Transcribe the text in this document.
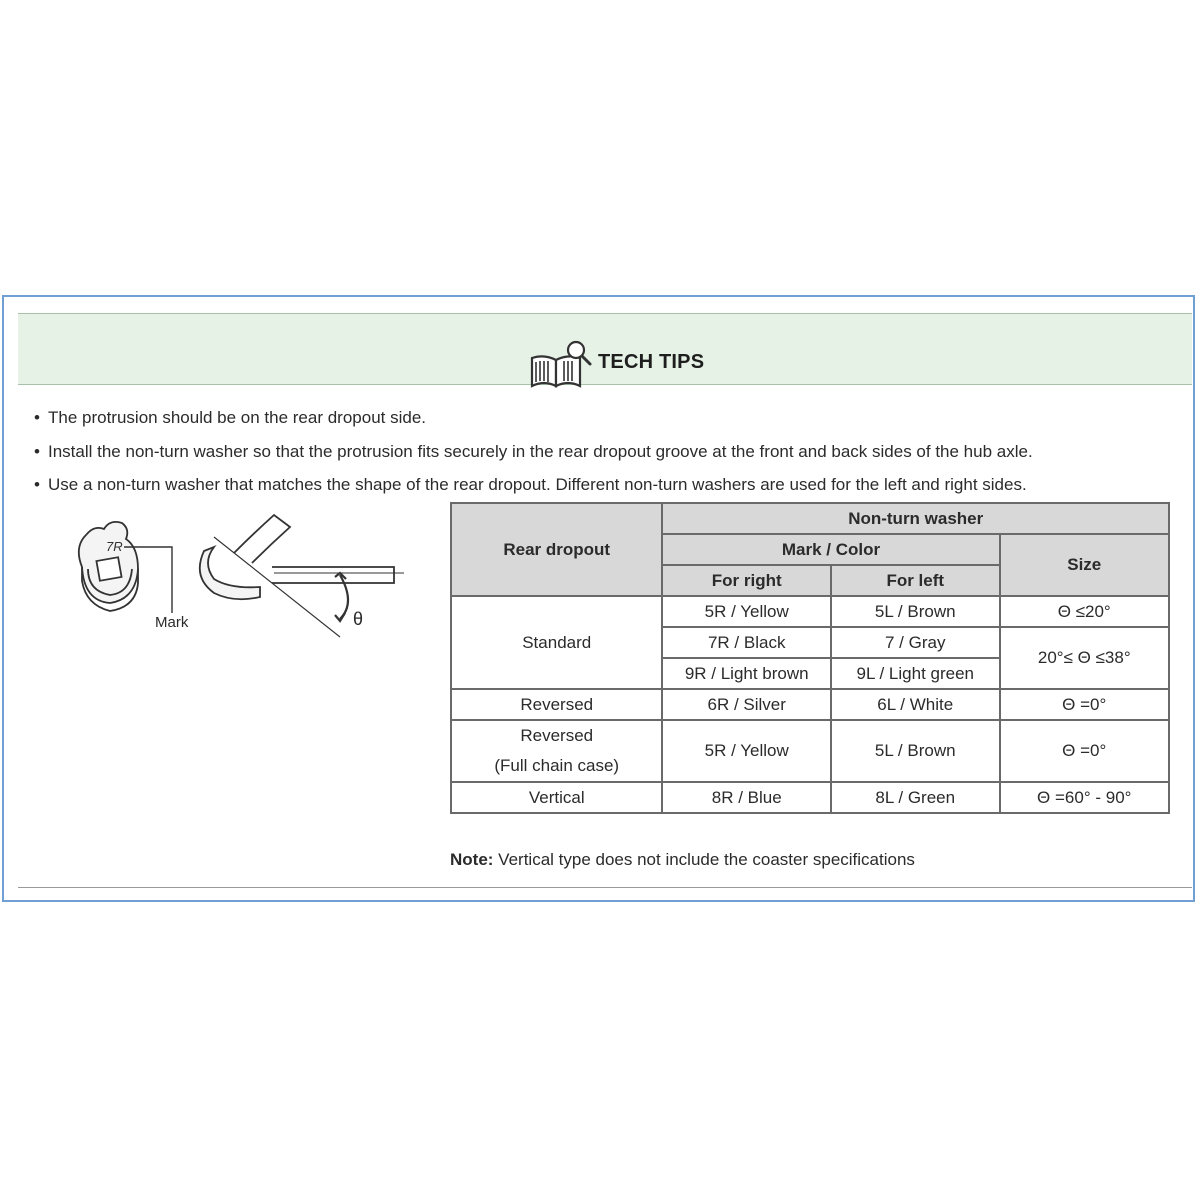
TECH TIPS
• The protrusion should be on the rear dropout side.
• Install the non-turn washer so that the protrusion fits securely in the rear dropout groove at the front and back sides of the hub axle.
• Use a non-turn washer that matches the shape of the rear dropout. Different non-turn washers are used for the left and right sides.
7R
Mark	θ
Rear dropout	Non-turn washer		
	Mark / Color		Size
	For right	For left	
Standard	5R / Yellow	5L / Brown	Θ ≤20°
	7R / Black	7 / Gray	20°≤ Θ ≤38°
	9R / Light brown	9L / Light green	
Reversed	6R / Silver	6L / White	Θ =0°

Reversed
(Full chain case)	5R / Yellow	5L / Brown	Θ =0°
Vertical	8R / Blue	8L / Green	Θ =60° - 90°
Note: Vertical type does not include the coaster specifications
